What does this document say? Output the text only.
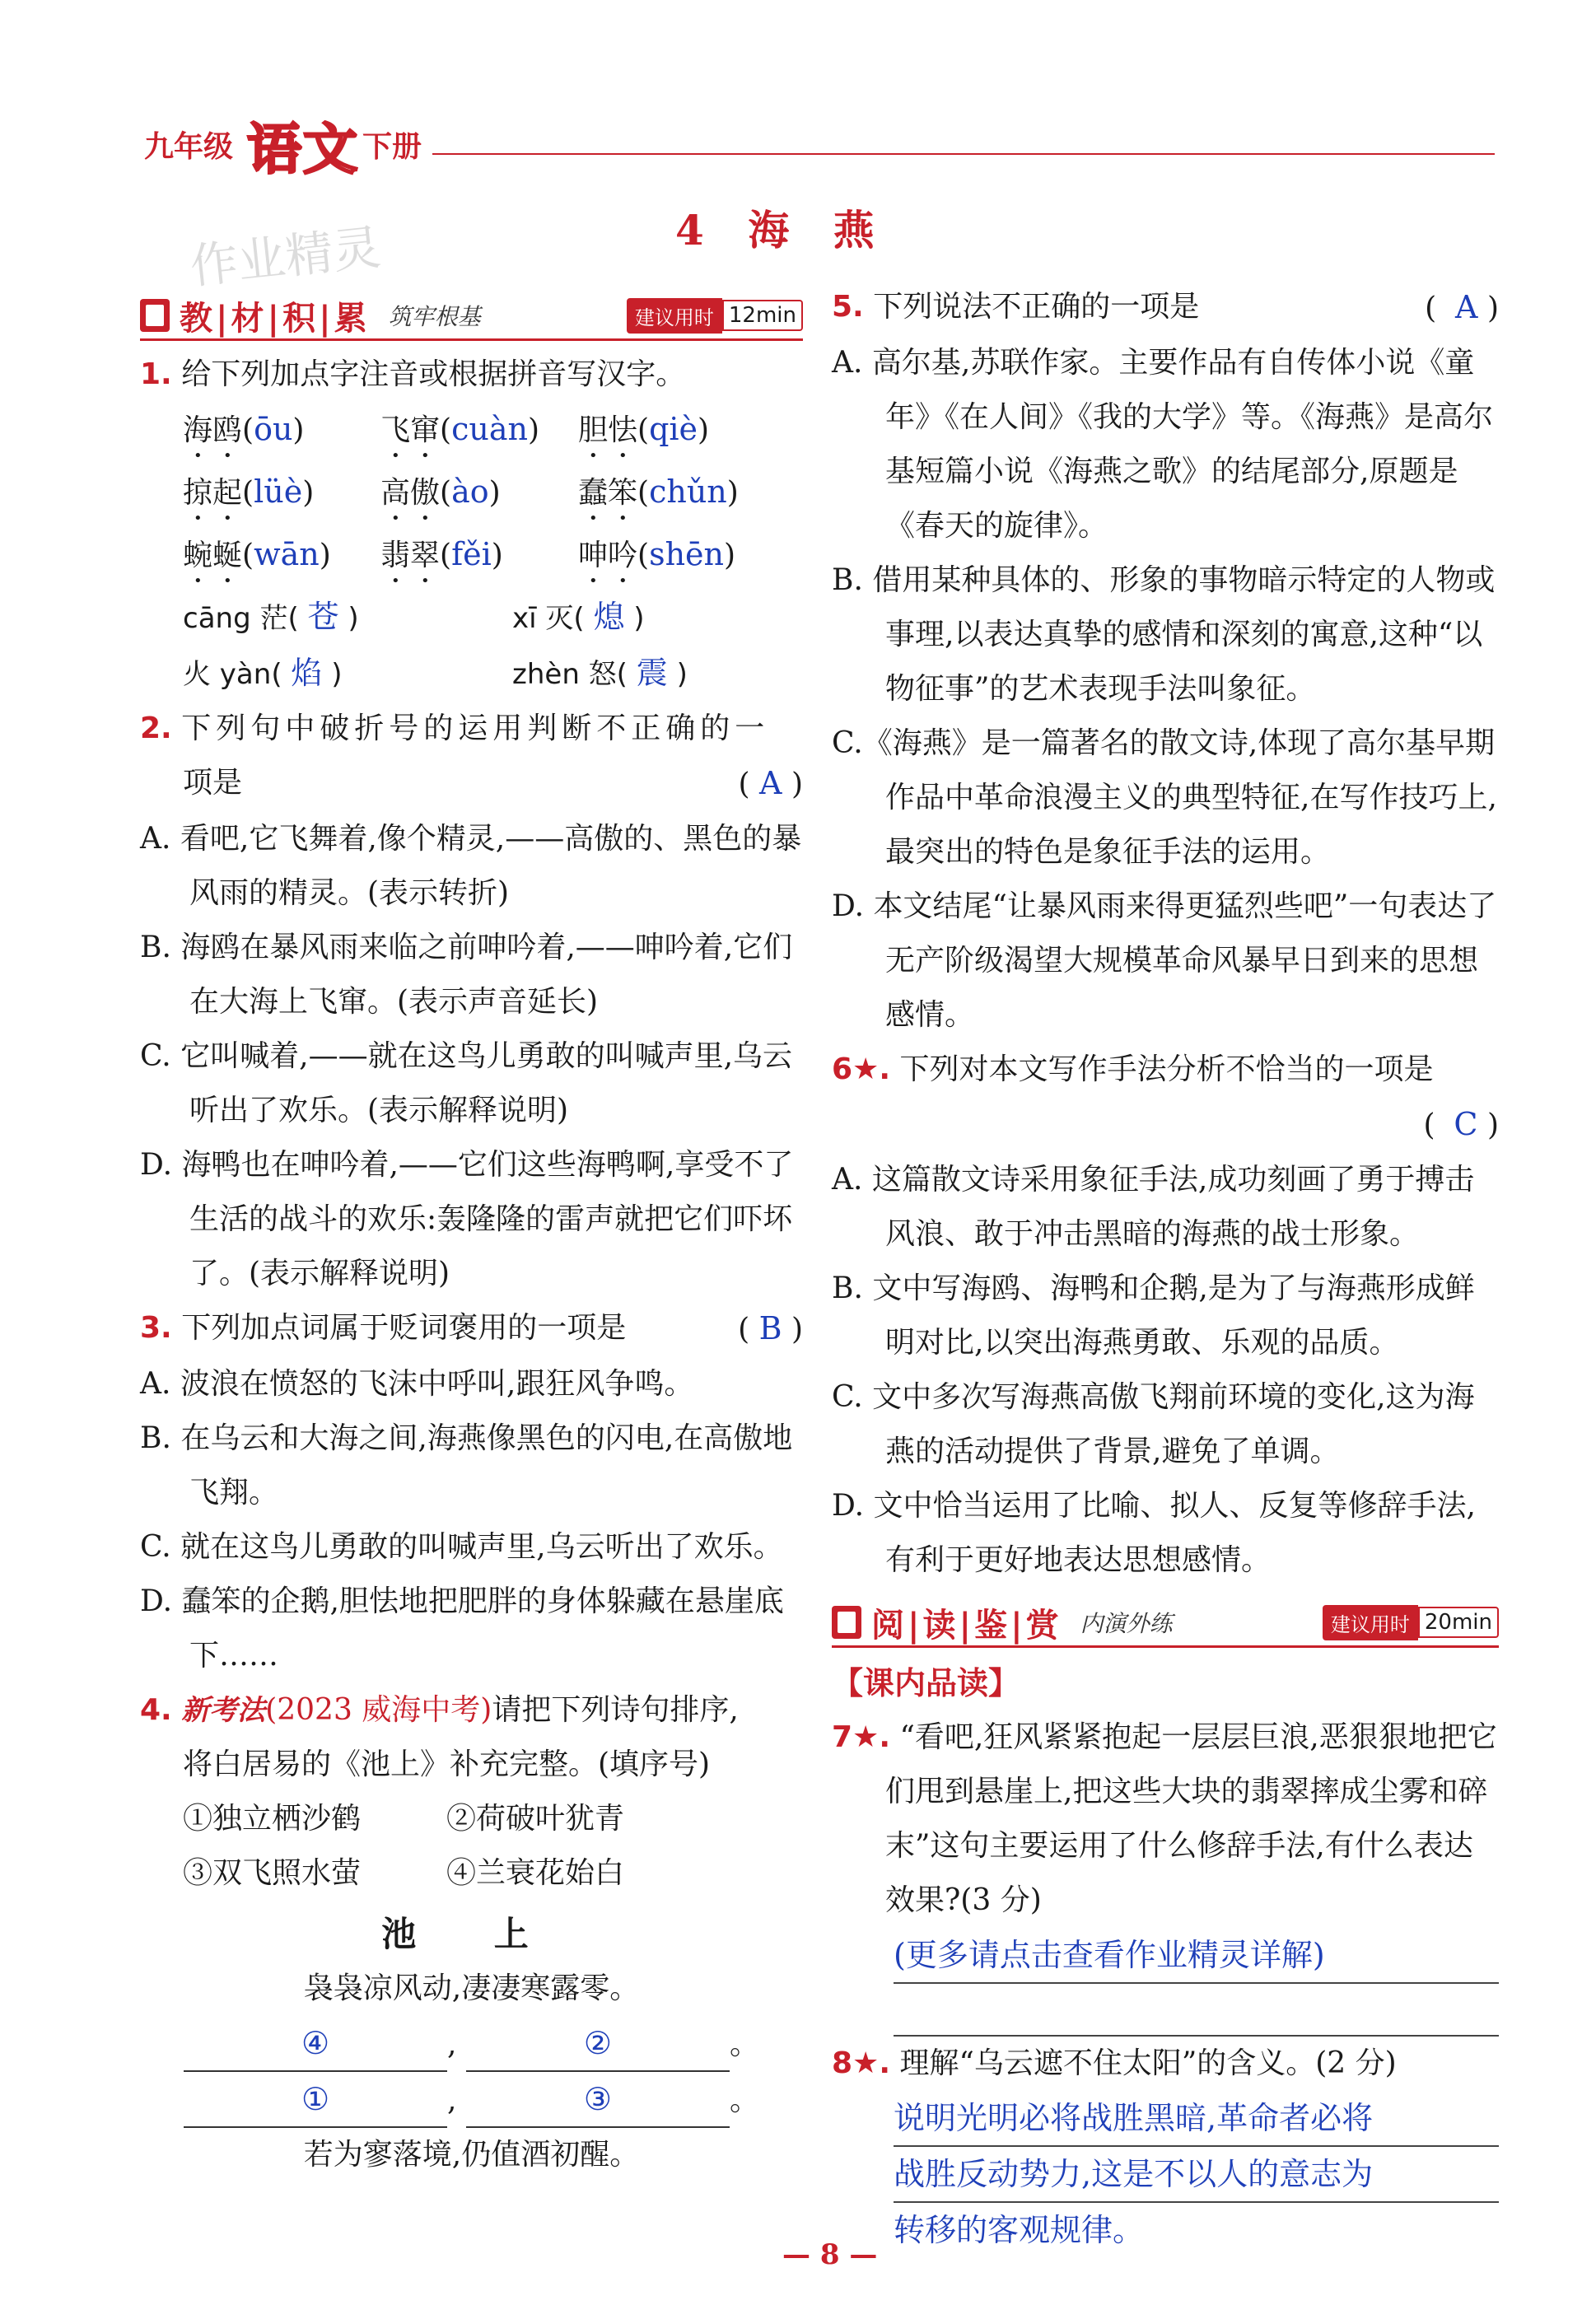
九年级 语文 下册
4 海 燕
作业精灵
教|材|积|累 筑牢根基	建议用时 12min
1. 给下列加点字注音或根据拼音写汉字。
海鸥(ōu)	飞窜(cuàn)	胆怯(qiè)
掠起(lüè)	高傲(ào)	蠢笨(chǔn)
蜿蜒(wān)	翡翠(fěi)	呻吟(shēn)
cāng 茫( 苍 )	xī 灭( 熄 )
火 yàn( 焰 )	zhèn 怒( 震 )
2. 下列句中破折号的运用判断不正确的一
项是	( A )
A. 看吧,它飞舞着,像个精灵,——高傲的、黑色的暴风雨的精灵。(表示转折)
B. 海鸥在暴风雨来临之前呻吟着,——呻吟着,它们在大海上飞窜。(表示声音延长)
C. 它叫喊着,——就在这鸟儿勇敢的叫喊声里,乌云听出了欢乐。(表示解释说明)
D. 海鸭也在呻吟着,——它们这些海鸭啊,享受不了生活的战斗的欢乐:轰隆隆的雷声就把它们吓坏了。(表示解释说明)
3. 下列加点词属于贬词褒用的一项是	( B )
A. 波浪在愤怒的飞沫中呼叫,跟狂风争鸣。
B. 在乌云和大海之间,海燕像黑色的闪电,在高傲地飞翔。
C. 就在这鸟儿勇敢的叫喊声里,乌云听出了欢乐。
D. 蠢笨的企鹅,胆怯地把肥胖的身体躲藏在悬崖底下……
4. 新考法(2023 威海中考)请把下列诗句排序,
将白居易的《池上》补充完整。(填序号)
①独立栖沙鹤	②荷破叶犹青
③双飞照水萤	④兰衰花始白
池 上
袅袅凉风动,凄凄寒露零。
④	,	②	。
①	,	③	。
若为寥落境,仍值酒初醒。
5. 下列说法不正确的一项是	(  A )
A. 高尔基,苏联作家。主要作品有自传体小说《童年》《在人间》《我的大学》等。《海燕》是高尔基短篇小说《海燕之歌》的结尾部分,原题是《春天的旋律》。
B. 借用某种具体的、形象的事物暗示特定的人物或事理,以表达真挚的感情和深刻的寓意,这种“以物征事”的艺术表现手法叫象征。
C.《海燕》是一篇著名的散文诗,体现了高尔基早期作品中革命浪漫主义的典型特征,在写作技巧上,最突出的特色是象征手法的运用。
D. 本文结尾“让暴风雨来得更猛烈些吧”一句表达了无产阶级渴望大规模革命风暴早日到来的思想感情。
6★. 下列对本文写作手法分析不恰当的一项是
(  C )
A. 这篇散文诗采用象征手法,成功刻画了勇于搏击风浪、敢于冲击黑暗的海燕的战士形象。
B. 文中写海鸥、海鸭和企鹅,是为了与海燕形成鲜明对比,以突出海燕勇敢、乐观的品质。
C. 文中多次写海燕高傲飞翔前环境的变化,这为海燕的活动提供了背景,避免了单调。
D. 文中恰当运用了比喻、拟人、反复等修辞手法,有利于更好地表达思想感情。
阅|读|鉴|赏 内演外练	建议用时 20min
【课内品读】
7★. “看吧,狂风紧紧抱起一层层巨浪,恶狠狠地把它们甩到悬崖上,把这些大块的翡翠摔成尘雾和碎末”这句主要运用了什么修辞手法,有什么表达效果?(3 分)
(更多请点击查看作业精灵详解)
8★. 理解“乌云遮不住太阳”的含义。(2 分)
说明光明必将战胜黑暗,革命者必将
战胜反动势力,这是不以人的意志为
转移的客观规律。
— 8 —
